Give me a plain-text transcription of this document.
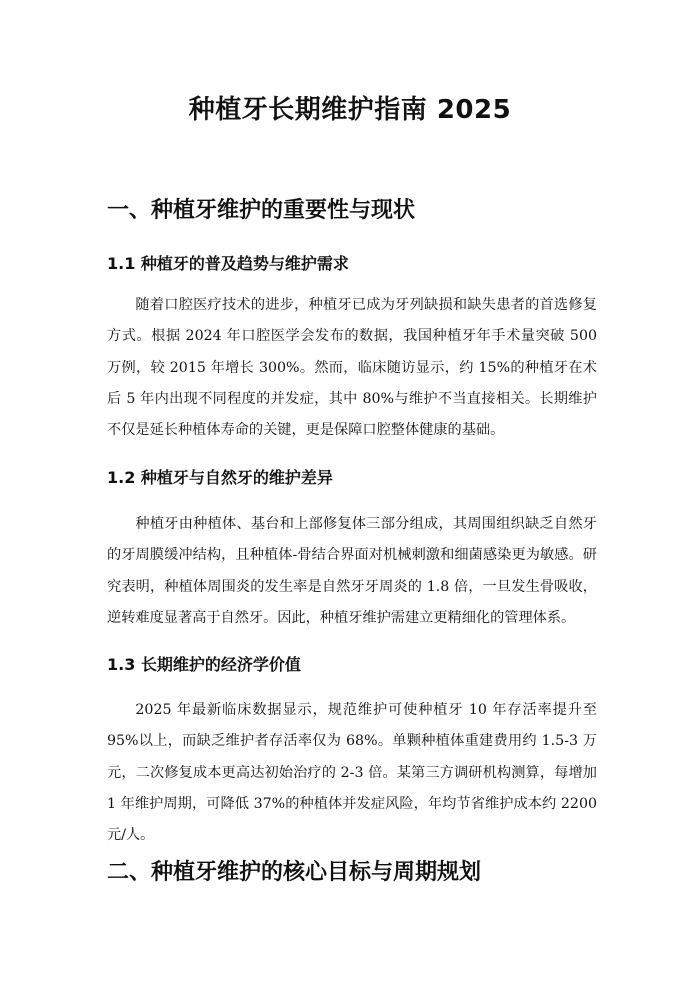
种植牙长期维护指南 2025
一、种植牙维护的重要性与现状
1.1 种植牙的普及趋势与维护需求

随着口腔医疗技术的进步，种植牙已成为牙列缺损和缺失患者的首选修复方式。根据 2024 年口腔医学会发布的数据，我国种植牙年手术量突破 500 万例，较 2015 年增长 300%。然而，临床随访显示，约 15%的种植牙在术后 5 年内出现不同程度的并发症，其中 80%与维护不当直接相关。长期维护不仅是延长种植体寿命的关键，更是保障口腔整体健康的基础。

1.2 种植牙与自然牙的维护差异

种植牙由种植体、基台和上部修复体三部分组成，其周围组织缺乏自然牙的牙周膜缓冲结构，且种植体-骨结合界面对机械刺激和细菌感染更为敏感。研究表明，种植体周围炎的发生率是自然牙牙周炎的 1.8 倍，一旦发生骨吸收，逆转难度显著高于自然牙。因此，种植牙维护需建立更精细化的管理体系。

1.3 长期维护的经济学价值

2025 年最新临床数据显示，规范维护可使种植牙 10 年存活率提升至 95%以上，而缺乏维护者存活率仅为 68%。单颗种植体重建费用约 1.5-3 万元，二次修复成本更高达初始治疗的 2-3 倍。某第三方调研机构测算，每增加 1 年维护周期，可降低 37%的种植体并发症风险，年均节省维护成本约 2200 元/人。

二、种植牙维护的核心目标与周期规划
